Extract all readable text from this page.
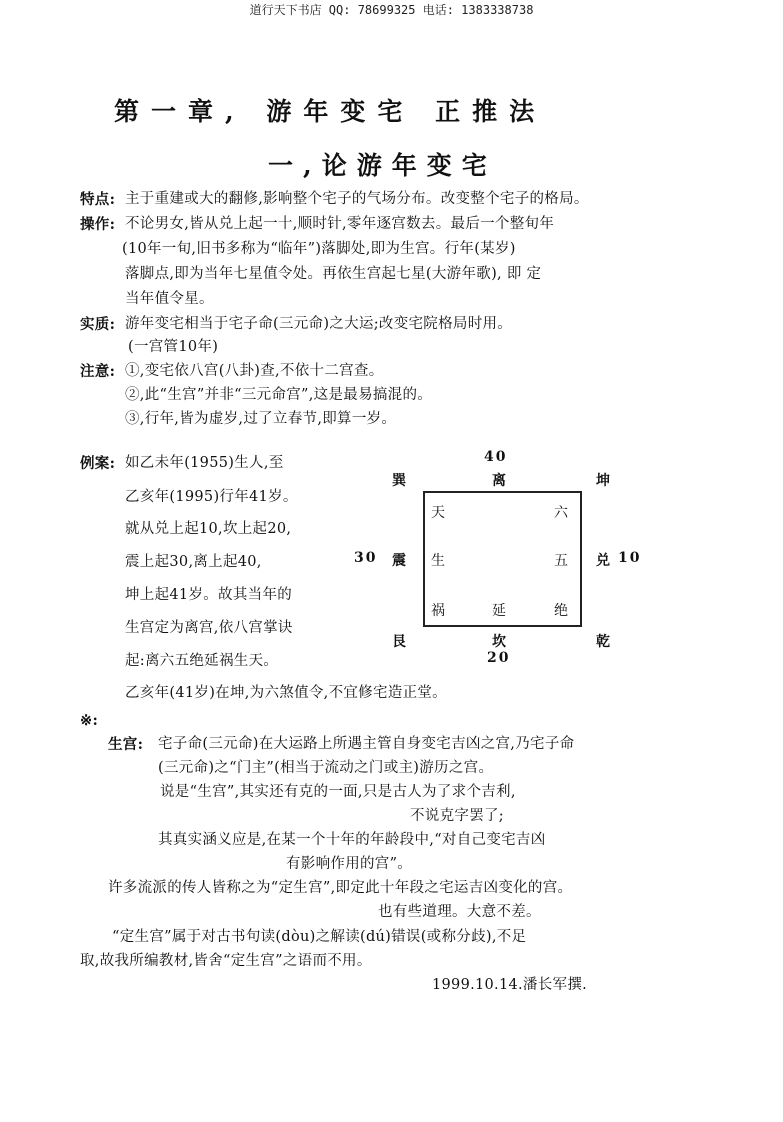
道行天下书店 QQ: 78699325 电话: 1383338738
第一章, 游年变宅 正推法
一,论游年变宅
特点: 主于重建或大的翻修,影响整个宅子的气场分布。改变整个宅子的格局。
操作: 不论男女,皆从兑上起一十,顺时针,零年逐宫数去。最后一个整旬年
(10年一旬,旧书多称为“临年”)落脚处,即为生宫。行年(某岁)
落脚点,即为当年七星值令处。再依生宫起七星(大游年歌), 即 定
当年值令星。
实质: 游年变宅相当于宅子命(三元命)之大运;改变宅院格局时用。
(一宫管10年)
注意: ①,变宅依八宫(八卦)查,不依十二宫查。
②,此“生宫”并非“三元命宫”,这是最易搞混的。
③,行年,皆为虚岁,过了立春节,即算一岁。
例案: 如乙未年(1955)生人,至
乙亥年(1995)行年41岁。
就从兑上起10,坎上起20,
震上起30,离上起40,
坤上起41岁。故其当年的
生宫定为离宫,依八宫掌诀
起:离六五绝延祸生天。
40
巽	离	坤
30 震	兑 10
天	六
生	五
祸	延	绝
艮	坎	乾
20
乙亥年(41岁)在坤,为六煞值令,不宜修宅造正堂。
※:
生宫: 宅子命(三元命)在大运路上所遇主管自身变宅吉凶之宫,乃宅子命
(三元命)之“门主”(相当于流动之门或主)游历之宫。
说是“生宫”,其实还有克的一面,只是古人为了求个吉利,
不说克字罢了;
其真实涵义应是,在某一个十年的年龄段中,“对自己变宅吉凶
有影响作用的宫”。
许多流派的传人皆称之为“定生宫”,即定此十年段之宅运吉凶变化的宫。
也有些道理。大意不差。
“定生宫”属于对古书句读(dòu)之解读(dú)错误(或称分歧),不足
取,故我所编教材,皆舍“定生宫”之语而不用。
1999.10.14.潘长军撰.
